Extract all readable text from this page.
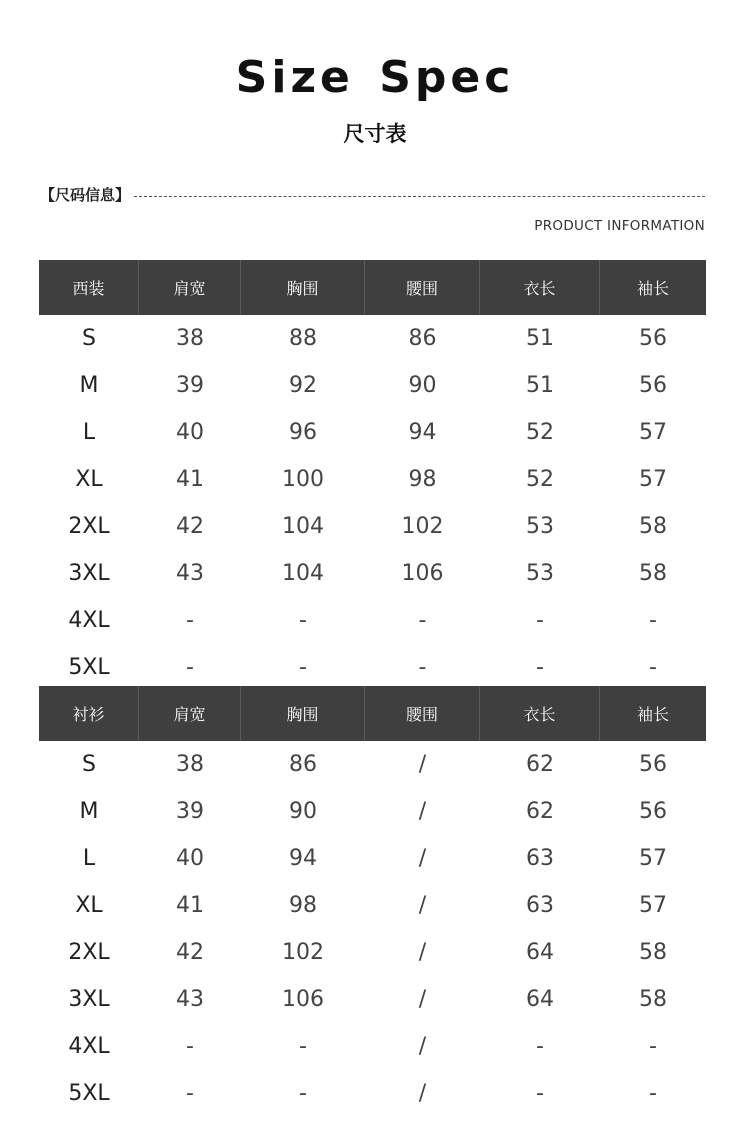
Size Spec
尺寸表
【尺码信息】
PRODUCT INFORMATION
西装	肩宽	胸围	腰围	衣长	袖长
S	38	88	86	51	56
M	39	92	90	51	56
L	40	96	94	52	57
XL	41	100	98	52	57
2XL	42	104	102	53	58
3XL	43	104	106	53	58
4XL	-	-	-	-	-
5XL	-	-	-	-	-
衬衫	肩宽	胸围	腰围	衣长	袖长
S	38	86	/	62	56
M	39	90	/	62	56
L	40	94	/	63	57
XL	41	98	/	63	57
2XL	42	102	/	64	58
3XL	43	106	/	64	58
4XL	-	-	/	-	-
5XL	-	-	/	-	-
